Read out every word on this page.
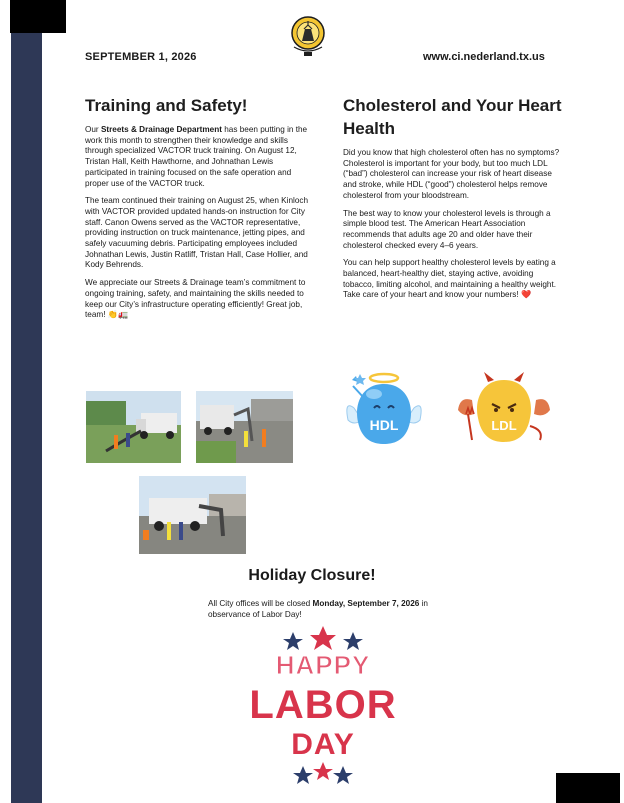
SEPTEMBER 1, 2026	www.ci.nederland.tx.us
Training and Safety!

Our Streets & Drainage Department has been putting in the work this month to strengthen their knowledge and skills through specialized VACTOR truck training. On August 12, Tristan Hall, Keith Hawthorne, and Johnathan Lewis participated in training focused on the safe operation and proper use of the VACTOR truck.

The team continued their training on August 25, when Kinloch with VACTOR provided updated hands-on instruction for City staff. Canon Owens served as the VACTOR representative, providing instruction on truck maintenance, jetting pipes, and safely vacuuming debris. Participating employees included Johnathan Lewis, Justin Ratliff, Tristan Hall, Case Hollier, and Kody Behrends.

We appreciate our Streets & Drainage team’s commitment to ongoing training, safety, and maintaining the skills needed to keep our City’s infrastructure operating efficiently! Great job, team! 👏🚛

Cholesterol and Your Heart Health

Did you know that high cholesterol often has no symptoms? Cholesterol is important for your body, but too much LDL (“bad”) cholesterol can increase your risk of heart disease and stroke, while HDL (“good”) cholesterol helps remove cholesterol from your bloodstream.

The best way to know your cholesterol levels is through a simple blood test. The American Heart Association recommends that adults age 20 and older have their cholesterol checked every 4–6 years.

You can help support healthy cholesterol levels by eating a balanced, heart-healthy diet, staying active, avoiding tobacco, limiting alcohol, and maintaining a healthy weight. Take care of your heart and know your numbers! ❤️

HDL	LDL
Holiday Closure!
All City offices will be closed Monday, September 7, 2026 in observance of Labor Day!
HAPPY
LABOR
DAY
